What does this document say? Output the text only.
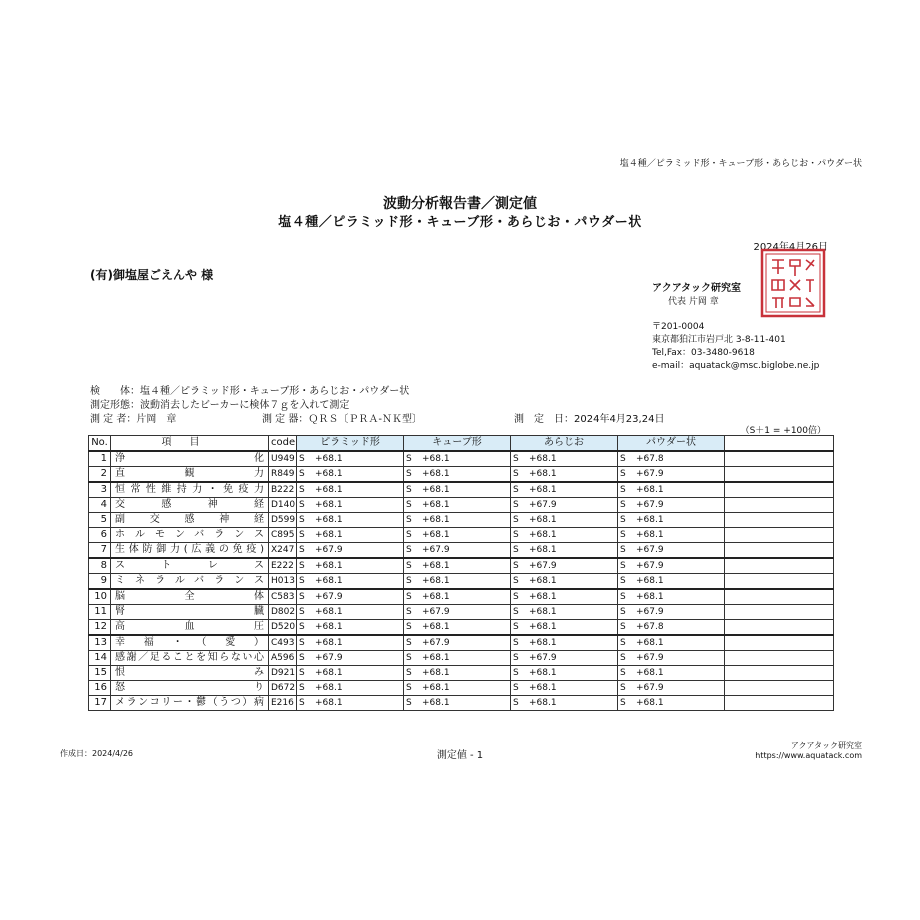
塩４種／ピラミッド形・キューブ形・あらじお・パウダー状
波動分析報告書／測定値
塩４種／ピラミッド形・キューブ形・あらじお・パウダー状
2024年4月26日
(有)御塩屋ごえんや 様
アクアタック研究室
代表 片岡 章
〒201-0004
東京都狛江市岩戸北 3-8-11-401
Tel,Fax：03-3480-9618
e-mail：aquatack@msc.biglobe.ne.jp
検　　体：塩４種／ピラミッド形・キューブ形・あらじお・パウダー状
測定形態：波動消去したビーカーに検体７ｇを入れて測定
測 定 者：片岡　章	測 定 器：ＱＲＳ〔ＰＲＡ-ＮＫ型〕	測　定　日：2024年4月23,24日
（S＋1 = +100倍）
No.	項目	code	ピラミッド形	キューブ形	あらじお	パウダー状	
1	浄化	U949	S +68.1	S +68.1	S +68.1	S +67.8	
2	直観力	R849	S +68.1	S +68.1	S +68.1	S +67.9	
3	恒常性維持力・免疫力	B222	S +68.1	S +68.1	S +68.1	S +68.1	
4	交感神経	D140	S +68.1	S +68.1	S +67.9	S +67.9	
5	副交感神経	D599	S +68.1	S +68.1	S +68.1	S +68.1	
6	ホルモンバランス	C895	S +68.1	S +68.1	S +68.1	S +68.1	
7	生体防御力(広義の免疫)	X247	S +67.9	S +67.9	S +68.1	S +67.9	
8	ストレス	E222	S +68.1	S +68.1	S +67.9	S +67.9	
9	ミネラルバランス	H013	S +68.1	S +68.1	S +68.1	S +68.1	
10	脳全体	C583	S +67.9	S +68.1	S +68.1	S +68.1	
11	腎臓	D802	S +68.1	S +67.9	S +68.1	S +67.9	
12	高血圧	D520	S +68.1	S +68.1	S +68.1	S +67.8	
13	幸福・（愛）	C493	S +68.1	S +67.9	S +68.1	S +68.1	
14	感謝／足ることを知らない心	A596	S +67.9	S +68.1	S +67.9	S +67.9	
15	恨み	D921	S +68.1	S +68.1	S +68.1	S +68.1	
16	怒り	D672	S +68.1	S +68.1	S +68.1	S +67.9	
17	メランコリー・鬱（うつ）病	E216	S +68.1	S +68.1	S +68.1	S +68.1	
作成日：2024/4/26	測定値 - 1
アクアタック研究室
https://www.aquatack.com
